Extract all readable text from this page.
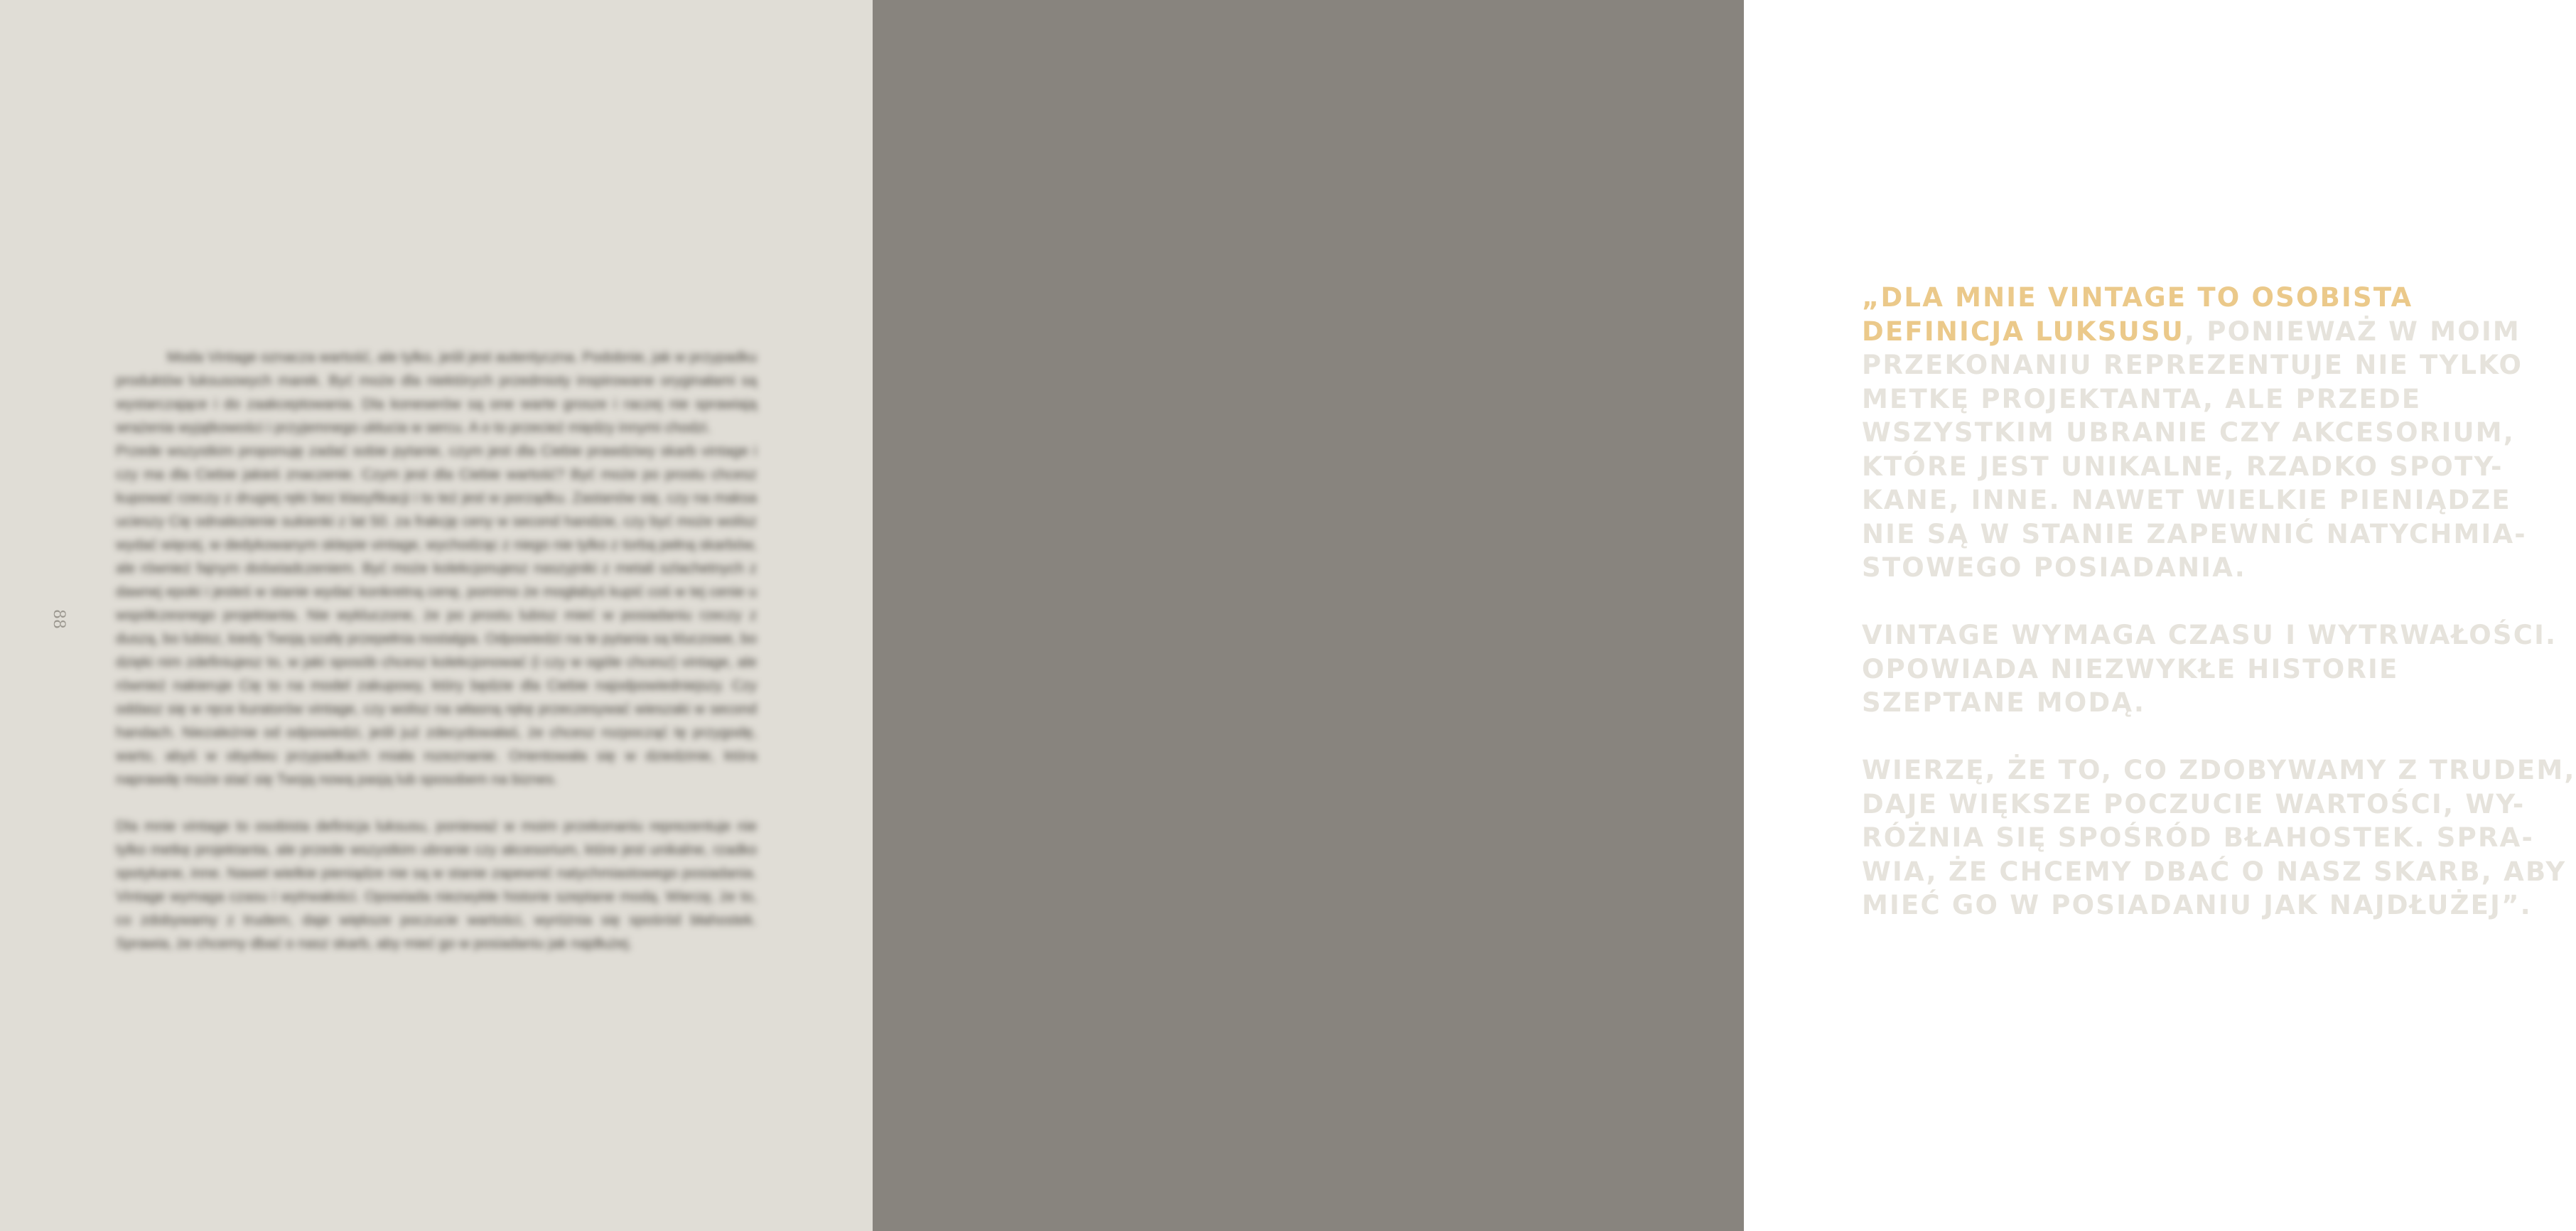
88

Moda Vintage oznacza wartość, ale tylko, jeśli jest autentyczna. Podobnie, jak w przypadku produktów luksusowych marek. Być może dla niektórych przedmioty inspirowane oryginałami są wystarczające i do zaakceptowania. Dla koneserów są one warte grosze i raczej nie sprawiają wrażenia wyjątkowości i przyjemnego ukłucia w sercu. A o to przecież między innymi chodzi.

Przede wszystkim proponuję zadać sobie pytanie, czym jest dla Ciebie prawdziwy skarb vintage i czy ma dla Ciebie jakieś znaczenie. Czym jest dla Ciebie wartość? Być może po prostu chcesz kupować rzeczy z drugiej ręki bez klasyfikacji i to też jest w porządku. Zastanów się, czy na maksa ucieszy Cię odnalezienie sukienki z lat 50. za frakcję ceny w second handzie, czy być może wolisz wydać więcej, w dedykowanym sklepie vintage, wychodząc z niego nie tylko z torbą pełną skarbów, ale również fajnym doświadczeniem. Być może kolekcjonujesz naszyjniki z metali szlachetnych z dawnej epoki i jesteś w stanie wydać konkretną cenę, pomimo że mogłabyś kupić coś w tej cenie u współczesnego projektanta. Nie wykluczone, że po prostu lubisz mieć w posiadaniu rzeczy z duszą, bo lubisz, kiedy Twoją szafę przepełnia nostalgia. Odpowiedzi na te pytania są kluczowe, bo dzięki nim zdefiniujesz to, w jaki sposób chcesz kolekcjonować (i czy w ogóle chcesz) vintage, ale również nakieruje Cię to na model zakupowy, który będzie dla Ciebie najodpowiedniejszy. Czy oddasz się w ręce kuratorów vintage, czy wolisz na własną rękę przeczesywać wieszaki w second handach. Niezależnie od odpowiedzi, jeśli już zdecydowałaś, że chcesz rozpocząć tę przygodę, warto, abyś w obydwu przypadkach miała rozeznanie. Orientowała się w dziedzinie, która naprawdę może stać się Twoją nową pasją lub sposobem na biznes.

Dla mnie vintage to osobista definicja luksusu, ponieważ w moim przekonaniu reprezentuje nie tylko metkę projektanta, ale przede wszystkim ubranie czy akcesorium, które jest unikalne, rzadko spotykane, inne. Nawet wielkie pieniądze nie są w stanie zapewnić natychmiastowego posiadania. Vintage wymaga czasu i wytrwałości. Opowiada niezwykłe historie szeptane modą. Wierzę, że to, co zdobywamy z trudem, daje większe poczucie wartości, wyróżnia się spośród błahostek. Sprawia, że chcemy dbać o nasz skarb, aby mieć go w posiadaniu jak najdłużej.

„DLA MNIE VINTAGE TO OSOBISTA
DEFINICJA LUKSUSU, PONIEWAŻ W MOIM
PRZEKONANIU REPREZENTUJE NIE TYLKO
METKĘ PROJEKTANTA, ALE PRZEDE
WSZYSTKIM UBRANIE CZY AKCESORIUM,
KTÓRE JEST UNIKALNE, RZADKO SPOTY-
KANE, INNE. NAWET WIELKIE PIENIĄDZE
NIE SĄ W STANIE ZAPEWNIĆ NATYCHMIA-
STOWEGO POSIADANIA.

VINTAGE WYMAGA CZASU I WYTRWAŁOŚCI.
OPOWIADA NIEZWYKŁE HISTORIE
SZEPTANE MODĄ.

WIERZĘ, ŻE TO, CO ZDOBYWAMY Z TRUDEM,
DAJE WIĘKSZE POCZUCIE WARTOŚCI, WY-
RÓŻNIA SIĘ SPOŚRÓD BŁAHOSTEK. SPRA-
WIA, ŻE CHCEMY DBAĆ O NASZ SKARB, ABY
MIEĆ GO W POSIADANIU JAK NAJDŁUŻEJ”.
